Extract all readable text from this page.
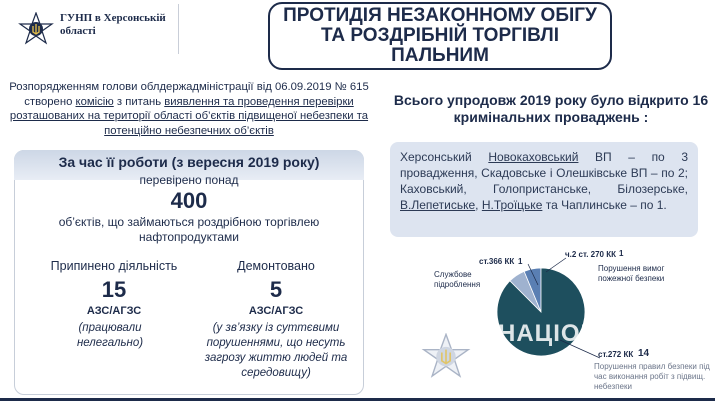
ГУНП в Херсонській області
ПРОТИДІЯ НЕЗАКОННОМУ ОБІГУ ТА РОЗДРІБНІЙ ТОРГІВЛІ ПАЛЬНИМ
Розпорядженням голови облдержадміністрації від 06.09.2019 № 615 створено комісію з питань виявлення та проведення перевірки розташованих на території області об’єктів підвищеної небезпеки та потенційно небезпечних об’єктів
За час її роботи (з вересня 2019 року)
перевірено понад
400
об’єктів, що займаються роздрібною торгівлею нафтопродуктами
Припинено діяльність
15
АЗС/АГЗС
(працювали нелегально)
Демонтовано
5
АЗС/АГЗС
(у зв’язку із суттєвими порушеннями, що несуть загрозу життю людей та середовищу)
Всього упродовж 2019 року було відкрито 16 кримінальних проваджень :
Херсонський Новокаховський ВП – по 3 провадження, Скадовське і Олешківське ВП – по 2; Каховський, Голопристанське, Білозерське, В.Лепетиське, Н.Троїцьке та Чаплинське – по 1.
ст.366 КК 1
Службове підроблення
ч.2 ст. 270 КК 1
Порушення вимог пожежної безпеки
ст.272 КК 14
Порушення правил безпеки під час виконання робіт з підвищ. небезпеки
НАЦІОНАЛЬНА
